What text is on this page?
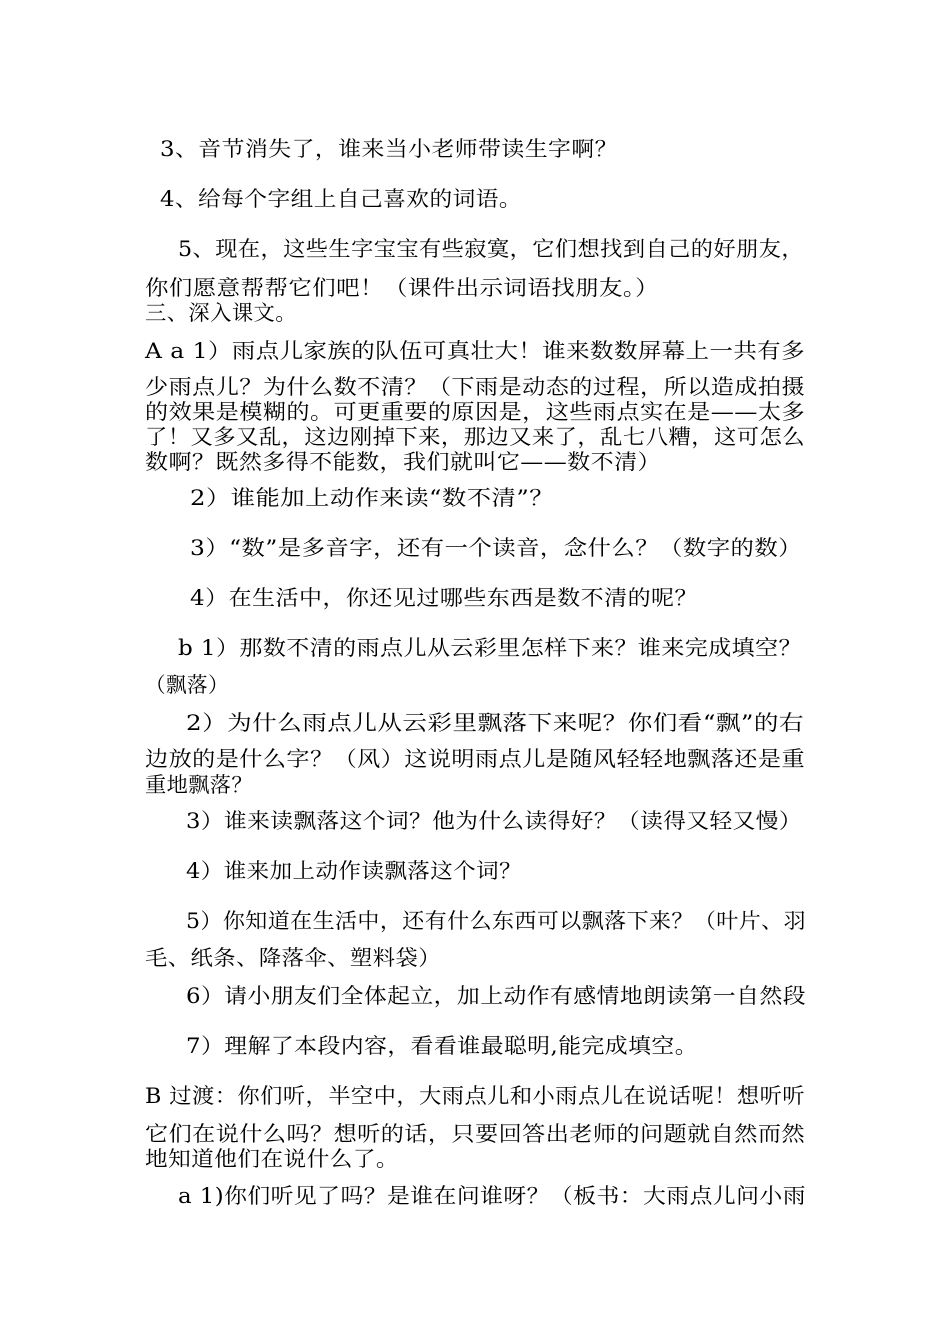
3、音节消失了，谁来当小老师带读生字啊？
4、给每个字组上自己喜欢的词语。
5、现在，这些生字宝宝有些寂寞，它们想找到自己的好朋友，
你们愿意帮帮它们吧！（课件出示词语找朋友。）
三、深入课文。
A a 1）雨点儿家族的队伍可真壮大！谁来数数屏幕上一共有多
少雨点儿？为什么数不清？（下雨是动态的过程，所以造成拍摄
的效果是模糊的。可更重要的原因是，这些雨点实在是——太多
了！又多又乱，这边刚掉下来，那边又来了，乱七八糟，这可怎么
数啊？既然多得不能数，我们就叫它——数不清）
2）谁能加上动作来读“数不清”？
3）“数”是多音字，还有一个读音，念什么？（数字的数）
4）在生活中，你还见过哪些东西是数不清的呢？
b 1）那数不清的雨点儿从云彩里怎样下来？谁来完成填空？
（飘落）
2）为什么雨点儿从云彩里飘落下来呢？你们看“飘”的右
边放的是什么字？（风）这说明雨点儿是随风轻轻地飘落还是重
重地飘落？
3）谁来读飘落这个词？他为什么读得好？（读得又轻又慢）
4）谁来加上动作读飘落这个词？
5）你知道在生活中，还有什么东西可以飘落下来？（叶片、羽
毛、纸条、降落伞、塑料袋）
6）请小朋友们全体起立，加上动作有感情地朗读第一自然段
7）理解了本段内容，看看谁最聪明,能完成填空。
B 过渡：你们听，半空中，大雨点儿和小雨点儿在说话呢！想听听
它们在说什么吗？想听的话，只要回答出老师的问题就自然而然
地知道他们在说什么了。
a 1)你们听见了吗？是谁在问谁呀？（板书：大雨点儿问小雨
